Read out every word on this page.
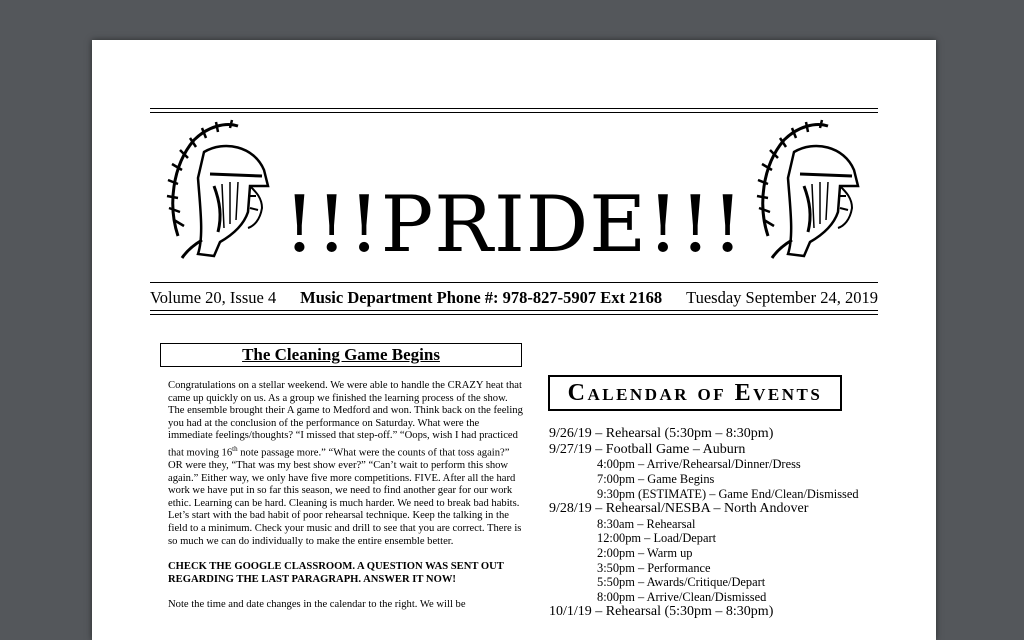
!!!PRIDE!!!
Volume 20, Issue 4 Music Department Phone #: 978-827-5907 Ext 2168 Tuesday September 24, 2019
The Cleaning Game Begins

Congratulations on a stellar weekend. We were able to handle the CRAZY heat that came up quickly on us. As a group we finished the learning process of the show. The ensemble brought their A game to Medford and won. Think back on the feeling you had at the conclusion of the performance on Saturday. What were the immediate feelings/thoughts? “I missed that step-off.” “Oops, wish I had practiced that moving 16th note passage more.” “What were the counts of that toss again?” OR were they, “That was my best show ever?” “Can’t wait to perform this show again.” Either way, we only have five more competitions. FIVE. After all the hard work we have put in so far this season, we need to find another gear for our work ethic. Learning can be hard. Cleaning is much harder. We need to break bad habits. Let’s start with the bad habit of poor rehearsal technique. Keep the talking in the field to a minimum. Check your music and drill to see that you are correct. There is so much we can do individually to make the entire ensemble better.

CHECK THE GOOGLE CLASSROOM. A QUESTION WAS SENT OUT REGARDING THE LAST PARAGRAPH. ANSWER IT NOW!

Note the time and date changes in the calendar to the right. We will be

Calendar of Events
9/26/19 – Rehearsal (5:30pm – 8:30pm)
9/27/19 – Football Game – Auburn
4:00pm – Arrive/Rehearsal/Dinner/Dress
7:00pm – Game Begins
9:30pm (ESTIMATE) – Game End/Clean/Dismissed
9/28/19 – Rehearsal/NESBA – North Andover
8:30am – Rehearsal
12:00pm – Load/Depart
2:00pm – Warm up
3:50pm – Performance
5:50pm – Awards/Critique/Depart
8:00pm – Arrive/Clean/Dismissed
10/1/19 – Rehearsal (5:30pm – 8:30pm)
